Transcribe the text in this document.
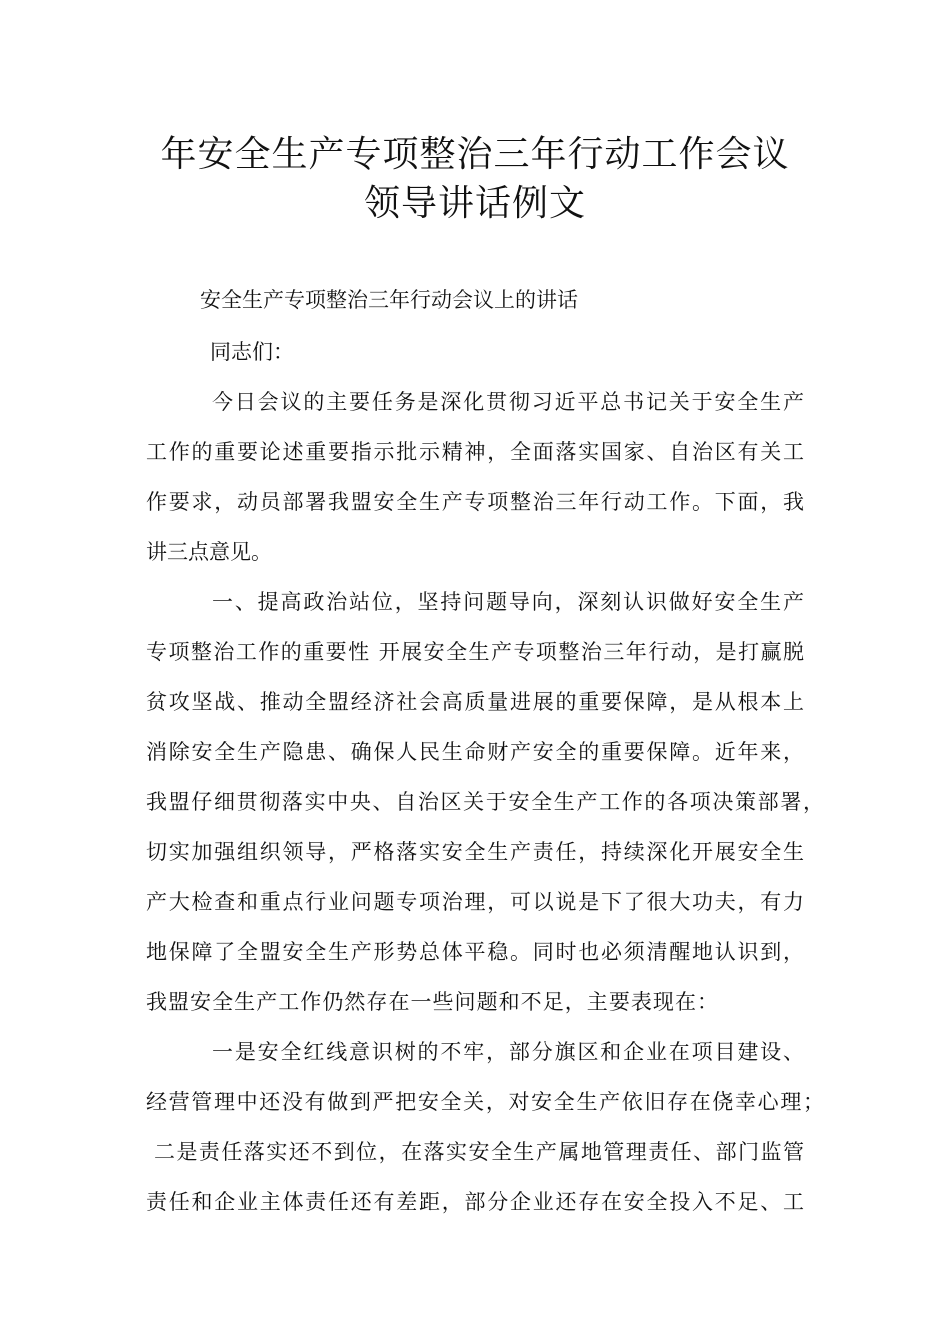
年安全生产专项整治三年行动工作会议
领导讲话例文

安全生产专项整治三年行动会议上的讲话

同志们：

今日会议的主要任务是深化贯彻习近平总书记关于安全生产

工作的重要论述重要指示批示精神，全面落实国家、自治区有关工

作要求，动员部署我盟安全生产专项整治三年行动工作。下面，我

讲三点意见。

一、提高政治站位，坚持问题导向，深刻认识做好安全生产

专项整治工作的重要性 开展安全生产专项整治三年行动，是打赢脱

贫攻坚战、推动全盟经济社会高质量进展的重要保障，是从根本上

消除安全生产隐患、确保人民生命财产安全的重要保障。近年来，

我盟仔细贯彻落实中央、自治区关于安全生产工作的各项决策部署，

切实加强组织领导，严格落实安全生产责任，持续深化开展安全生

产大检查和重点行业问题专项治理，可以说是下了很大功夫，有力

地保障了全盟安全生产形势总体平稳。同时也必须清醒地认识到，

我盟安全生产工作仍然存在一些问题和不足，主要表现在：

一是安全红线意识树的不牢，部分旗区和企业在项目建设、

经营管理中还没有做到严把安全关，对安全生产依旧存在侥幸心理；

二是责任落实还不到位，在落实安全生产属地管理责任、部门监管

责任和企业主体责任还有差距，部分企业还存在安全投入不足、工
